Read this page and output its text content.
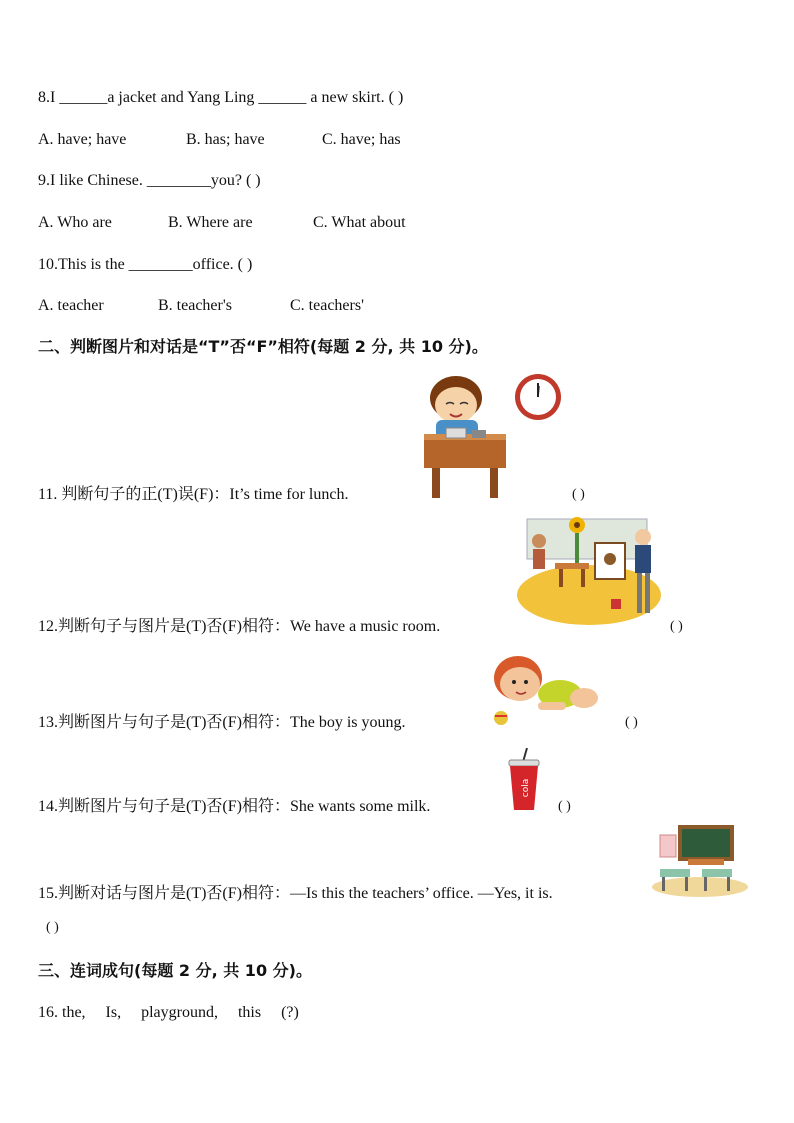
8.I ______a jacket and Yang Ling ______ a new skirt. ( )
A. have; have	B. has; have	C. have; has
9.I like Chinese. ________you? ( )
A. Who are	B. Where are	C. What about
10.This is the ________office. ( )
A. teacher	B. teacher's	C. teachers'
二、判断图片和对话是“T”否“F”相符(每题 2 分, 共 10 分)。
11. 判断句子的正(T)误(F)：It’s time for lunch.	( )
12.判断句子与图片是(T)否(F)相符：We have a music room.	( )
13.判断图片与句子是(T)否(F)相符：The boy is young.	( )
cola
14.判断图片与句子是(T)否(F)相符：She wants some milk.	( )
15.判断对话与图片是(T)否(F)相符：—Is this the teachers’ office. —Yes, it is.
( )
三、连词成句(每题 2 分, 共 10 分)。
16. the,     Is,     playground,     this     (?)
